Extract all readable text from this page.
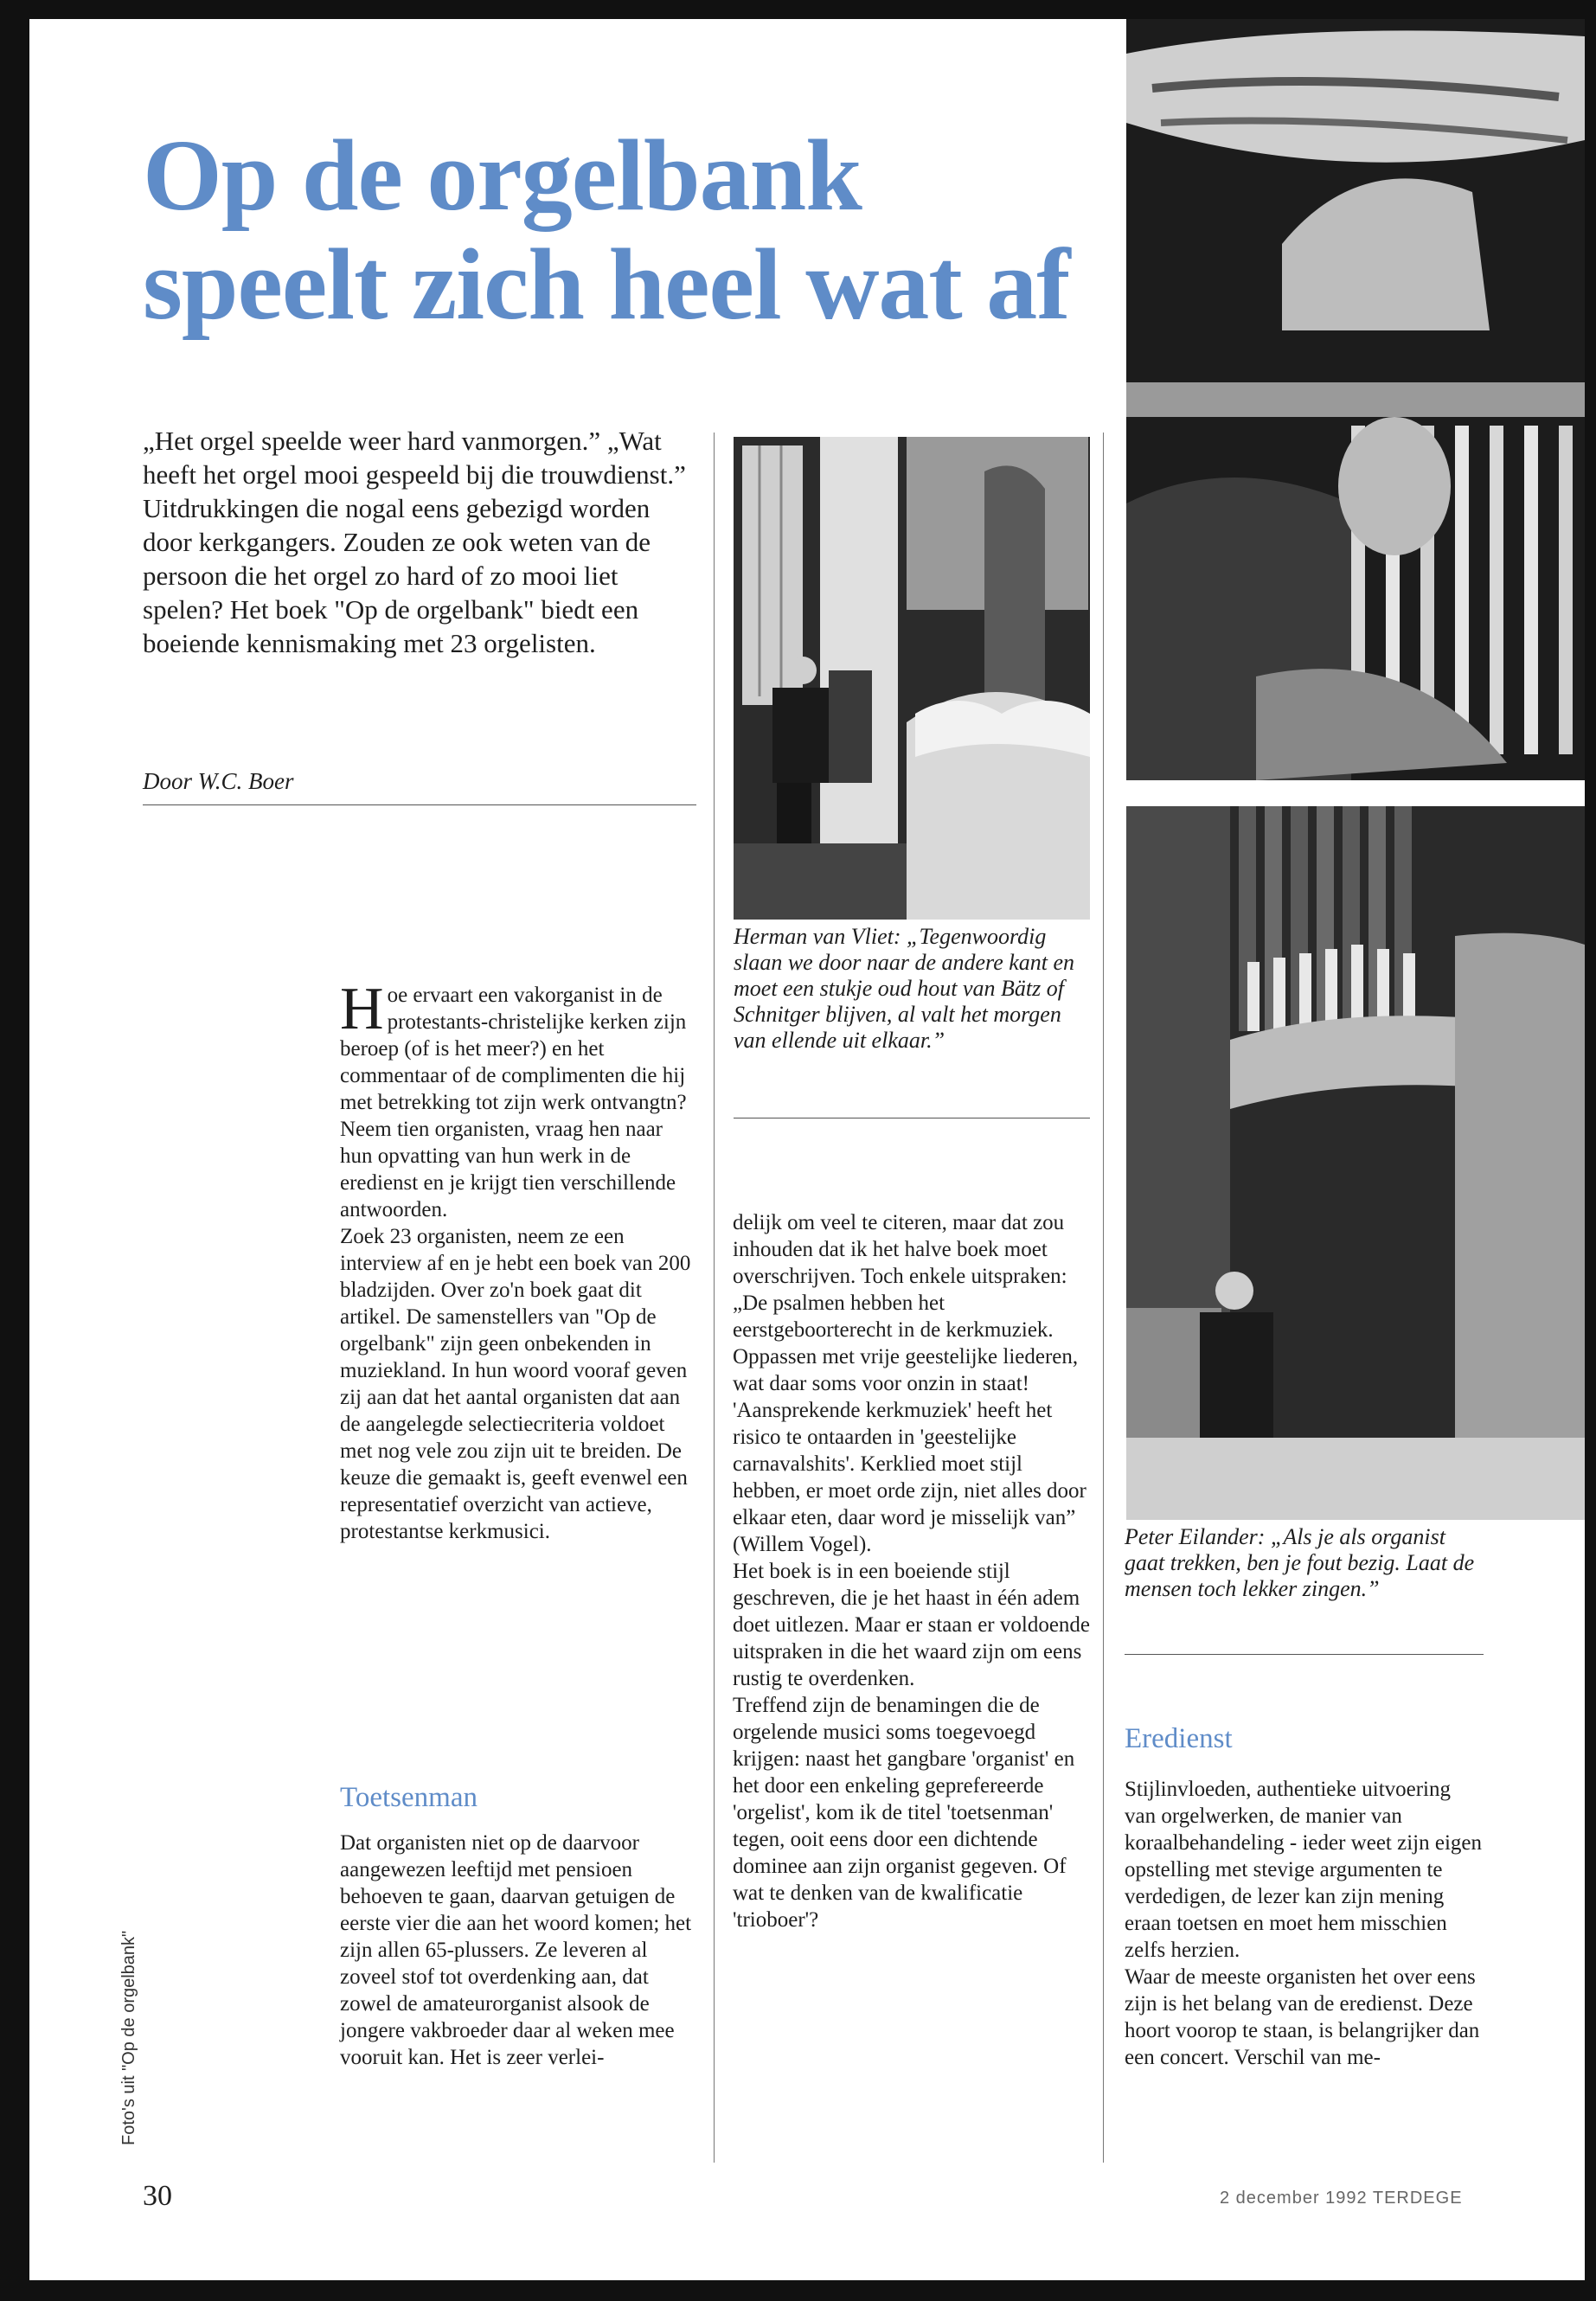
Op de orgelbank
speelt zich heel wat af
„Het orgel speelde weer hard vanmorgen.” „Wat heeft het orgel mooi gespeeld bij die trouwdienst.” Uitdrukkingen die nogal eens gebezigd worden door kerkgangers. Zouden ze ook weten van de persoon die het orgel zo hard of zo mooi liet spelen? Het boek "Op de orgelbank" biedt een boeiende kennismaking met 23 orgelisten.
Door W.C. Boer
Herman van Vliet: „Tegenwoordig slaan we door naar de andere kant en moet een stukje oud hout van Bätz of Schnitger blijven, al valt het morgen van ellende uit elkaar.”

Hoe ervaart een vakorganist in de protestants-christelijke kerken zijn beroep (of is het meer?) en het commentaar of de complimenten die hij met betrekking tot zijn werk ontvangtn? Neem tien organisten, vraag hen naar hun opvatting van hun werk in de eredienst en je krijgt tien verschillende antwoorden.

Zoek 23 organisten, neem ze een interview af en je hebt een boek van 200 bladzijden. Over zo'n boek gaat dit artikel. De samenstellers van "Op de orgelbank" zijn geen onbekenden in muziekland. In hun woord vooraf geven zij aan dat het aantal organisten dat aan de aangelegde selectiecriteria voldoet met nog vele zou zijn uit te breiden. De keuze die gemaakt is, geeft evenwel een representatief overzicht van actieve, protestantse kerkmusici.

Toetsenman

Dat organisten niet op de daarvoor aangewezen leeftijd met pensioen behoeven te gaan, daarvan getuigen de eerste vier die aan het woord komen; het zijn allen 65-plussers. Ze leveren al zoveel stof tot overdenking aan, dat zowel de amateurorganist alsook de jongere vakbroeder daar al weken mee vooruit kan. Het is zeer verlei-

delijk om veel te citeren, maar dat zou inhouden dat ik het halve boek moet overschrijven. Toch enkele uitspraken: „De psalmen hebben het eerstgeboorterecht in de kerkmuziek. Oppassen met vrije geestelijke liederen, wat daar soms voor onzin in staat! 'Aansprekende kerkmuziek' heeft het risico te ontaarden in 'geestelijke carnavalshits'. Kerklied moet stijl hebben, er moet orde zijn, niet alles door elkaar eten, daar word je misselijk van” (Willem Vogel).

Het boek is in een boeiende stijl geschreven, die je het haast in één adem doet uitlezen. Maar er staan er voldoende uitspraken in die het waard zijn om eens rustig te overdenken.

Treffend zijn de benamingen die de orgelende musici soms toegevoegd krijgen: naast het gangbare 'organist' en het door een enkeling geprefereerde 'orgelist', kom ik de titel 'toetsenman' tegen, ooit eens door een dichtende dominee aan zijn organist gegeven. Of wat te denken van de kwalificatie 'trioboer'?

Peter Eilander: „Als je als organist gaat trekken, ben je fout bezig. Laat de mensen toch lekker zingen.”
Eredienst

Stijlinvloeden, authentieke uitvoering van orgelwerken, de manier van koraalbehandeling - ieder weet zijn eigen opstelling met stevige argumenten te verdedigen, de lezer kan zijn mening eraan toetsen en moet hem misschien zelfs herzien.

Waar de meeste organisten het over eens zijn is het belang van de eredienst. Deze hoort voorop te staan, is belangrijker dan een concert. Verschil van me-

Foto's uit "Op de orgelbank"
30	2 december 1992 TERDEGE
